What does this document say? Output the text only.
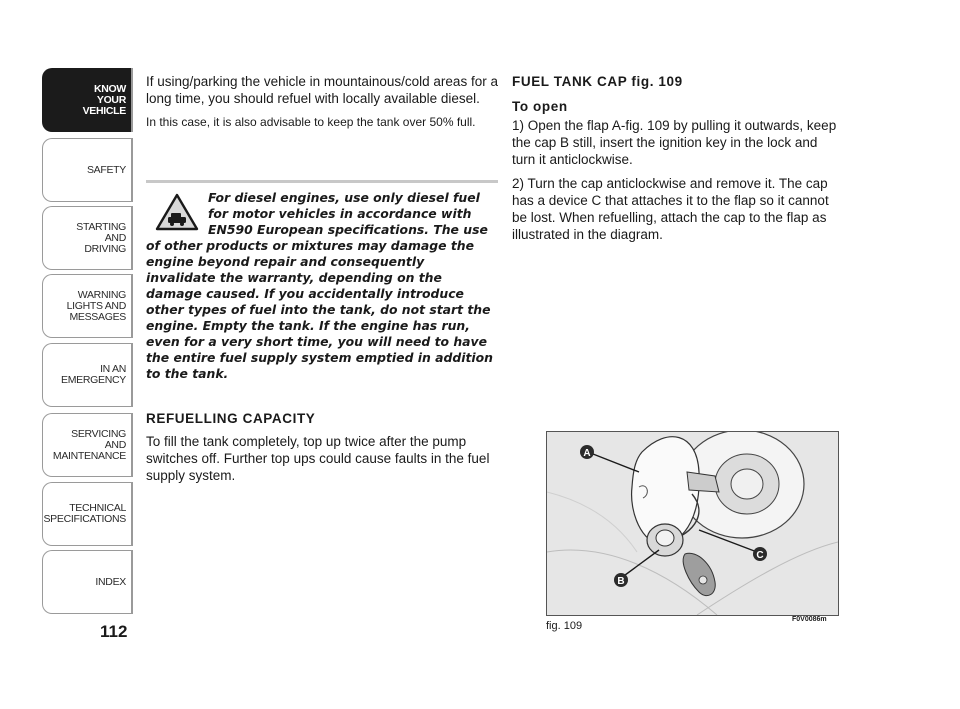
KNOW
YOUR
VEHICLE
SAFETY
STARTING
AND
DRIVING
WARNING
LIGHTS AND
MESSAGES
IN AN
EMERGENCY
SERVICING
AND
MAINTENANCE
TECHNICAL
SPECIFICATIONS
INDEX
112

If using/parking the vehicle in mountainous/cold areas for a long time, you should refuel with locally available diesel.

In this case, it is also advisable to keep the tank over 50% full.

For diesel engines, use only diesel fuel for motor vehicles in accordance with EN590 European specifications. The use of other products or mixtures may damage the engine beyond repair and consequently invalidate the warranty, depending on the damage caused. If you accidentally introduce other types of fuel into the tank, do not start the engine. Empty the tank. If the engine has run, even for a very short time, you will need to have the entire fuel supply system emptied in addition to the tank.
REFUELLING CAPACITY
To fill the tank completely, top up twice after the pump switches off. Further top ups could cause faults in the fuel supply system.

FUEL TANK CAP fig. 109

To open

1) Open the flap A-fig. 109 by pulling it outwards, keep the cap B still, insert the ignition key in the lock and turn it anticlockwise.

2) Turn the cap anticlockwise and remove it. The cap has a device C that attaches it to the flap so it cannot be lost. When refuelling, attach the cap to the flap as illustrated in the diagram.

A
B
C
fig. 109
F0V0086m
